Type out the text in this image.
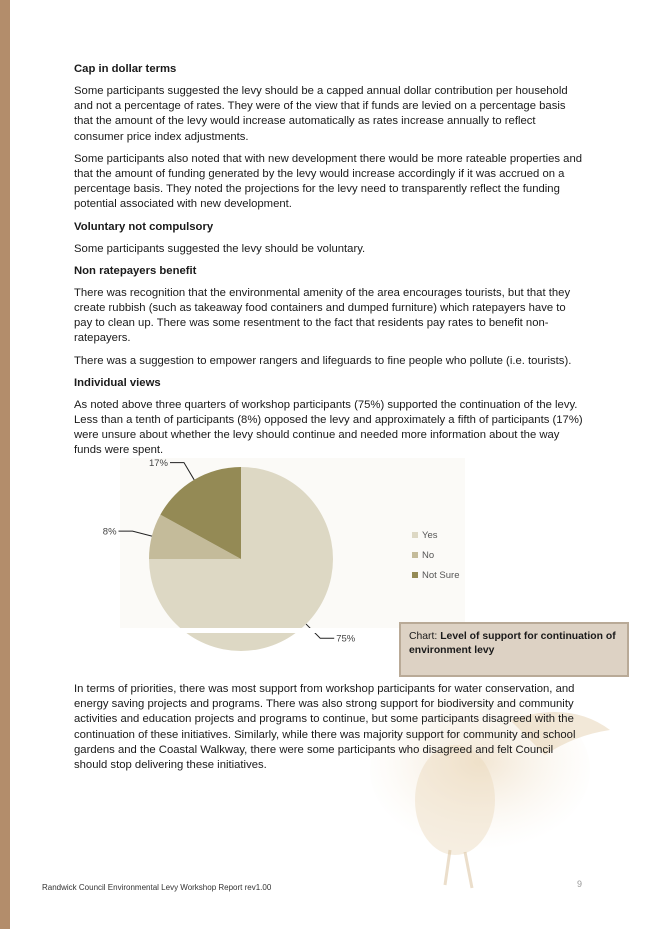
Cap in dollar terms

Some participants suggested the levy should be a capped annual dollar contribution per household and not a percentage of rates. They were of the view that if funds are levied on a percentage basis that the amount of the levy would increase automatically as rates increase annually to reflect consumer price index adjustments.

Some participants also noted that with new development there would be more rateable properties and that the amount of funding generated by the levy would increase accordingly if it was accrued on a percentage basis. They noted the projections for the levy need to transparently reflect the funding potential associated with new development.

Voluntary not compulsory

Some participants suggested the levy should be voluntary.

Non ratepayers benefit

There was recognition that the environmental amenity of the area encourages tourists, but that they create rubbish (such as takeaway food containers and dumped furniture) which ratepayers have to pay to clean up. There was some resentment to the fact that residents pay rates to benefit non-ratepayers.

There was a suggestion to empower rangers and lifeguards to fine people who pollute (i.e. tourists).

Individual views

As noted above three quarters of workshop participants (75%) supported the continuation of the levy. Less than a tenth of participants (8%) opposed the levy and approximately a fifth of participants (17%) were unsure about whether the levy should continue and needed more information about the way funds were spent.

75%
8%
17%
Yes
No
Not Sure
Chart: Level of support for continuation of environment levy

In terms of priorities, there was most support from workshop participants for water conservation, and energy saving projects and programs. There was also strong support for biodiversity and community activities and education projects and programs to continue, but some participants disagreed with the continuation of these initiatives. Similarly, while there was majority support for community and school gardens and the Coastal Walkway, there were some participants who disagreed and felt Council should stop delivering these initiatives.

Randwick Council Environmental Levy Workshop Report rev1.00	9
